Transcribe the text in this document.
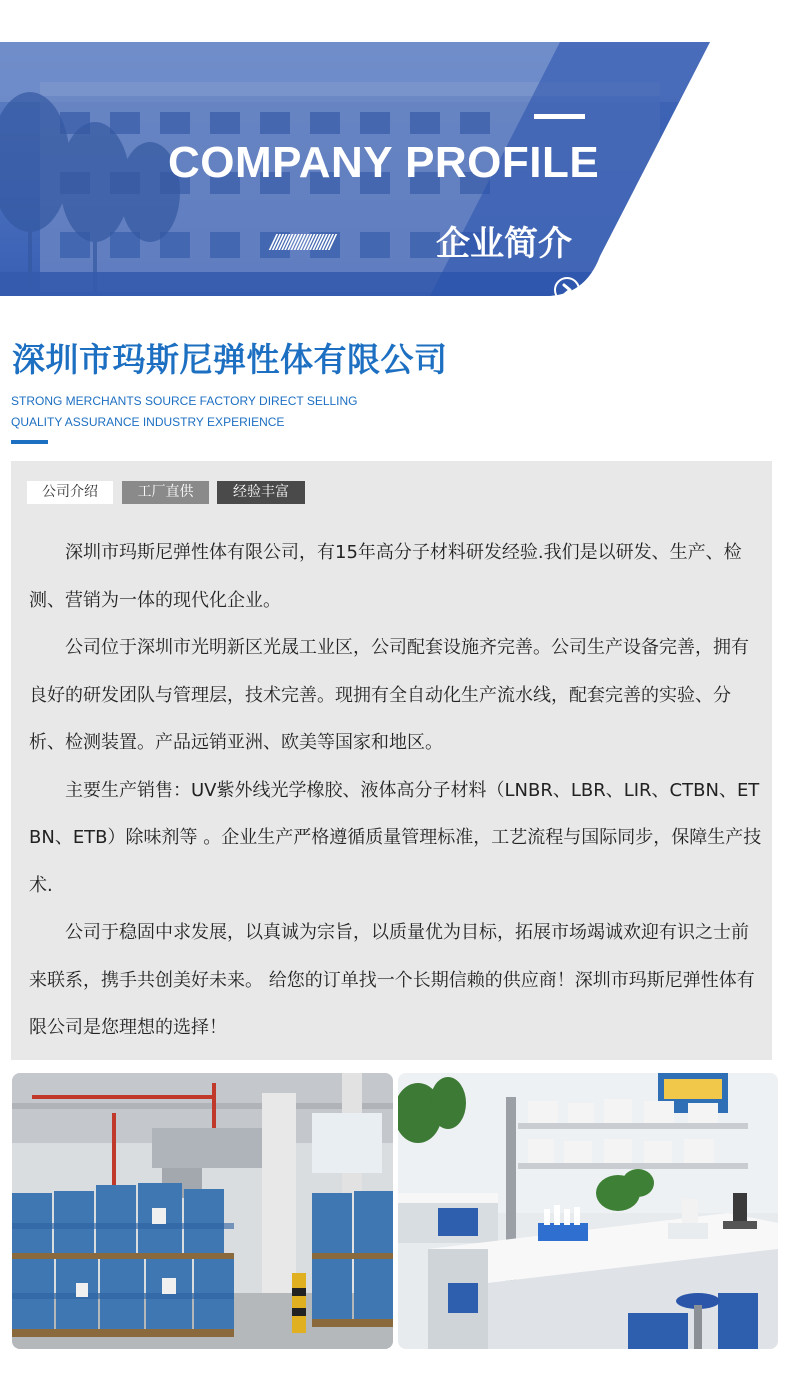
COMPANY PROFILE
////////////////////	企业简介
深圳市玛斯尼弹性体有限公司
STRONG MERCHANTS SOURCE FACTORY DIRECT SELLING
QUALITY ASSURANCE INDUSTRY EXPERIENCE
公司介绍	工厂直供	经验丰富

深圳市玛斯尼弹性体有限公司，有15年高分子材料研发经验.我们是以研发、生产、检测、营销为一体的现代化企业。

公司位于深圳市光明新区光晟工业区，公司配套设施齐完善。公司生产设备完善，拥有良好的研发团队与管理层，技术完善。现拥有全自动化生产流水线，配套完善的实验、分析、检测装置。产品远销亚洲、欧美等国家和地区。

主要生产销售：UV紫外线光学橡胶、液体高分子材料（LNBR、LBR、LIR、CTBN、ETBN、ETB）除味剂等 。企业生产严格遵循质量管理标准，工艺流程与国际同步，保障生产技术.

公司于稳固中求发展，以真诚为宗旨，以质量优为目标，拓展市场竭诚欢迎有识之士前来联系，携手共创美好未来。 给您的订单找一个长期信赖的供应商！深圳市玛斯尼弹性体有限公司是您理想的选择！
